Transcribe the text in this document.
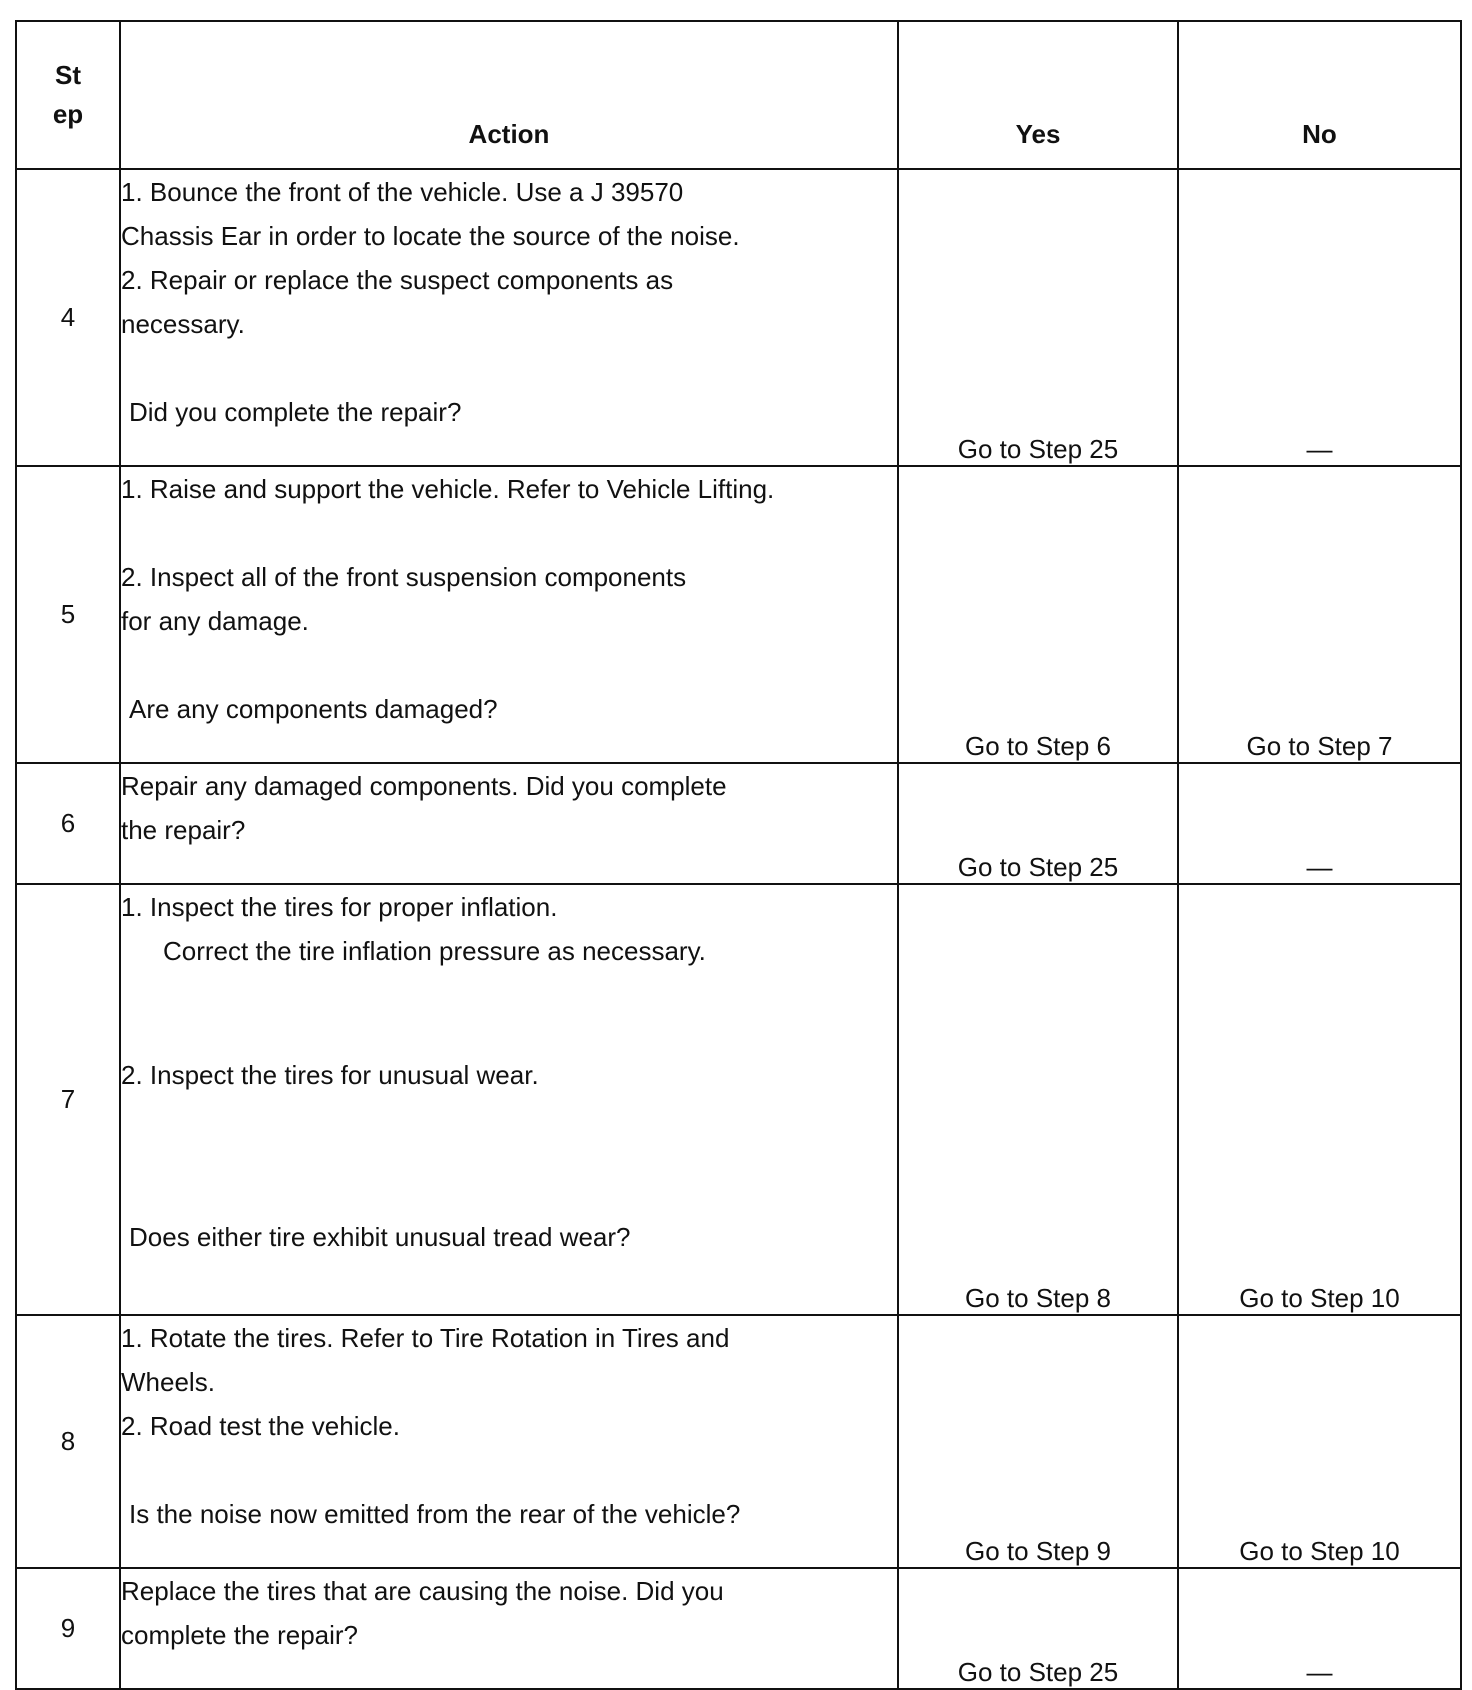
St
ep	Action	Yes	No
4	1. Bounce the front of the vehicle. Use a J 39570
Chassis Ear in order to locate the source of the noise.
2. Repair or replace the suspect components as
necessary.
Did you complete the repair?	Go to Step 25	—
5	1. Raise and support the vehicle. Refer to Vehicle Lifting.
2. Inspect all of the front suspension components
for any damage.
Are any components damaged?	Go to Step 6	Go to Step 7
6	Repair any damaged components. Did you complete
the repair?	Go to Step 25	—
7	1. Inspect the tires for proper inflation.
Correct the tire inflation pressure as necessary.
2. Inspect the tires for unusual wear.
Does either tire exhibit unusual tread wear?	Go to Step 8	Go to Step 10
8	1. Rotate the tires. Refer to Tire Rotation in Tires and
Wheels.
2. Road test the vehicle.
Is the noise now emitted from the rear of the vehicle?	Go to Step 9	Go to Step 10
9	Replace the tires that are causing the noise. Did you
complete the repair?	Go to Step 25	—
